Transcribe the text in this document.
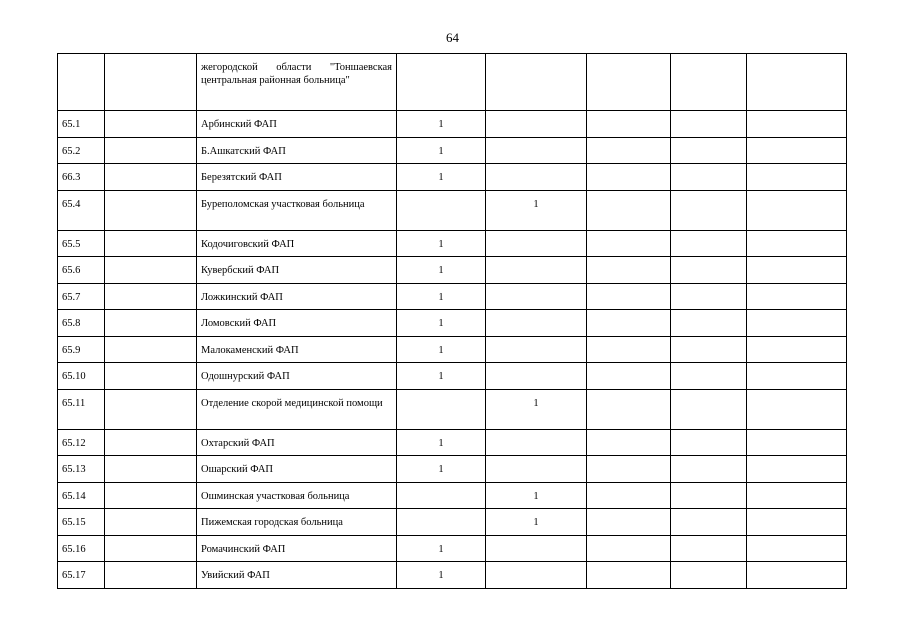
64
		жегородской области "Тоншаевская центральная районная больница"					
65.1		Арбинский ФАП	1				
65.2		Б.Ашкатский ФАП	1				
66.3		Березятский ФАП	1				
65.4		Буреполомская участковая больница		1			
65.5		Кодочиговский ФАП	1				
65.6		Кувербский ФАП	1				
65.7		Ложкинский ФАП	1				
65.8		Ломовский ФАП	1				
65.9		Малокаменский ФАП	1				
65.10		Одошнурский ФАП	1				
65.11		Отделение скорой медицинской помощи		1			
65.12		Охтарский ФАП	1				
65.13		Ошарский ФАП	1				
65.14		Ошминская участковая больница		1			
65.15		Пижемская городская больница		1			
65.16		Ромачинский ФАП	1				
65.17		Увийский ФАП	1				
